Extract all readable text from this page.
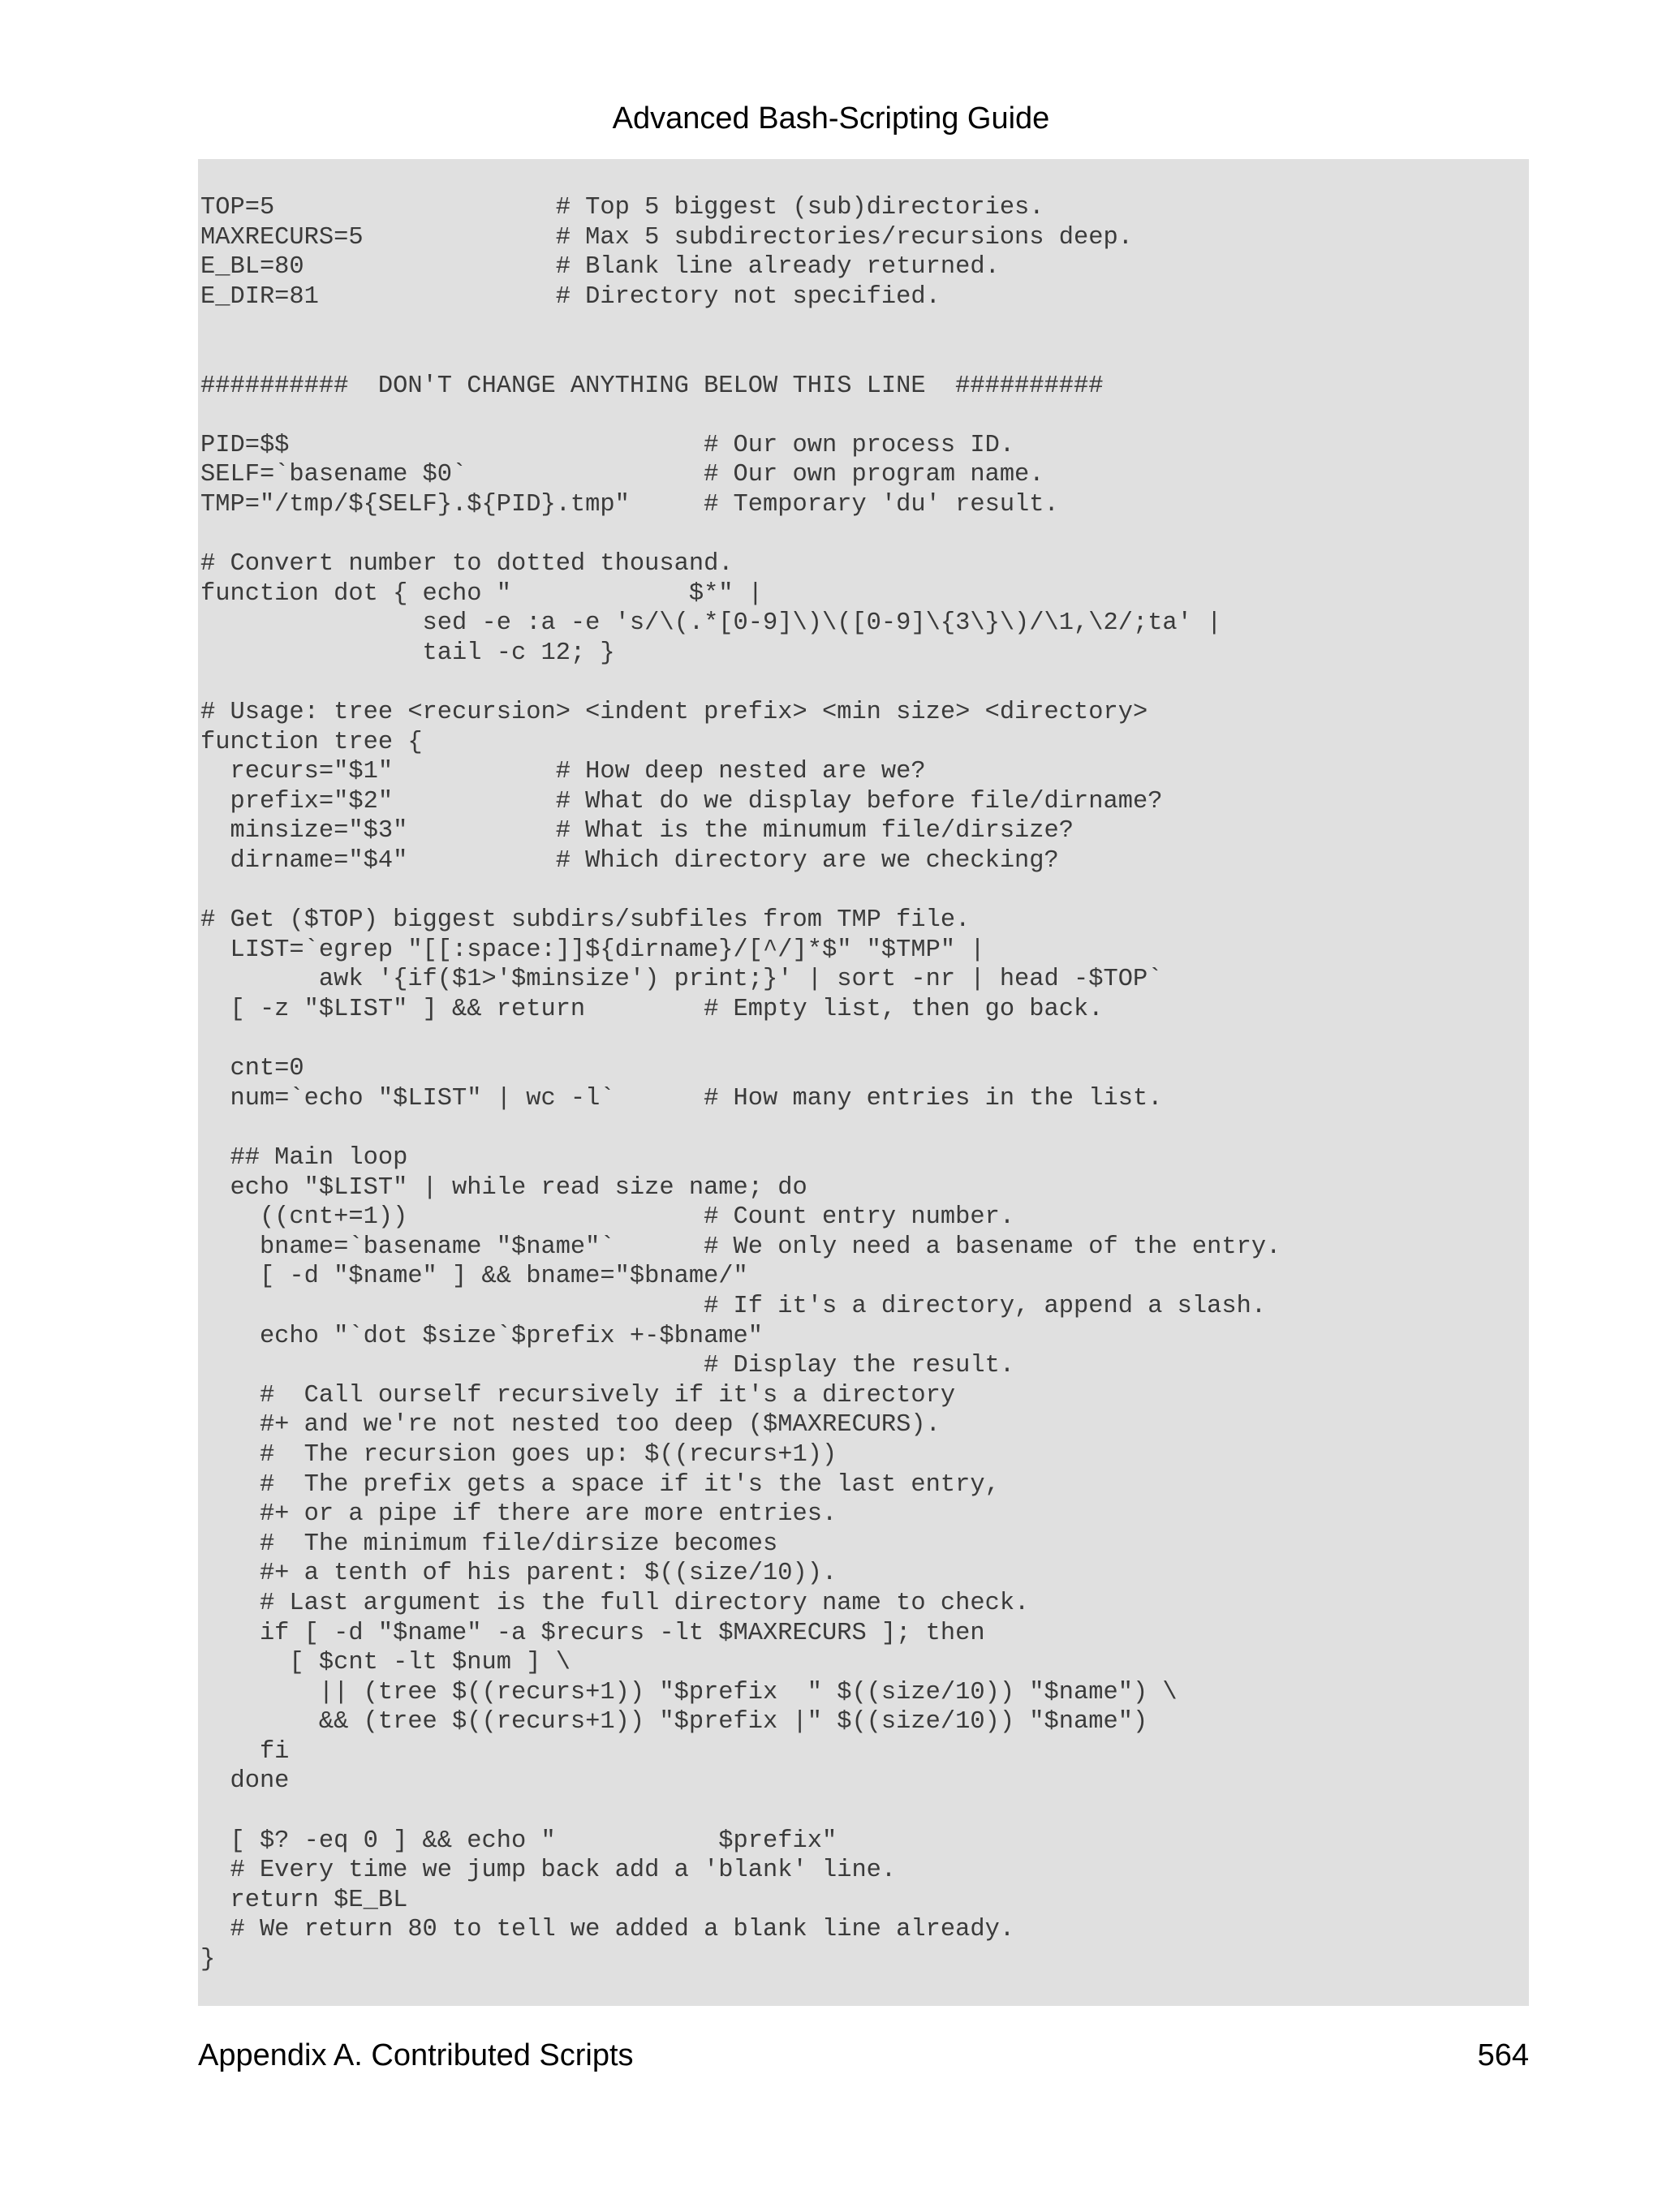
Advanced Bash-Scripting Guide
TOP=5                   # Top 5 biggest (sub)directories.
MAXRECURS=5             # Max 5 subdirectories/recursions deep.
E_BL=80                 # Blank line already returned.
E_DIR=81                # Directory not specified.

##########  DON'T CHANGE ANYTHING BELOW THIS LINE  ##########

PID=$$                            # Our own process ID.
SELF=`basename $0`                # Our own program name.
TMP="/tmp/${SELF}.${PID}.tmp"     # Temporary 'du' result.

# Convert number to dotted thousand.
function dot { echo "            $*" |
sed -e :a -e 's/\(.*[0-9]\)\([0-9]\{3\}\)/\1,\2/;ta' |
tail -c 12; }

# Usage: tree <recursion> <indent prefix> <min size> <directory>
function tree {
recurs="$1"           # How deep nested are we?
prefix="$2"           # What do we display before file/dirname?
minsize="$3"          # What is the minumum file/dirsize?
dirname="$4"          # Which directory are we checking?

# Get ($TOP) biggest subdirs/subfiles from TMP file.
LIST=`egrep "[[:space:]]${dirname}/[^/]*$" "$TMP" |
awk '{if($1>'$minsize') print;}' | sort -nr | head -$TOP`
[ -z "$LIST" ] && return        # Empty list, then go back.

cnt=0
num=`echo "$LIST" | wc -l`      # How many entries in the list.

## Main loop
echo "$LIST" | while read size name; do
((cnt+=1))                    # Count entry number.
bname=`basename "$name"`      # We only need a basename of the entry.
[ -d "$name" ] && bname="$bname/"
# If it's a directory, append a slash.
echo "`dot $size`$prefix +-$bname"
# Display the result.
#  Call ourself recursively if it's a directory
#+ and we're not nested too deep ($MAXRECURS).
#  The recursion goes up: $((recurs+1))
#  The prefix gets a space if it's the last entry,
#+ or a pipe if there are more entries.
#  The minimum file/dirsize becomes
#+ a tenth of his parent: $((size/10)).
# Last argument is the full directory name to check.
if [ -d "$name" -a $recurs -lt $MAXRECURS ]; then
[ $cnt -lt $num ] \
|| (tree $((recurs+1)) "$prefix  " $((size/10)) "$name") \
&& (tree $((recurs+1)) "$prefix |" $((size/10)) "$name")
fi
done

[ $? -eq 0 ] && echo "           $prefix"
# Every time we jump back add a 'blank' line.
return $E_BL
# We return 80 to tell we added a blank line already.
}
Appendix A. Contributed Scripts	564
